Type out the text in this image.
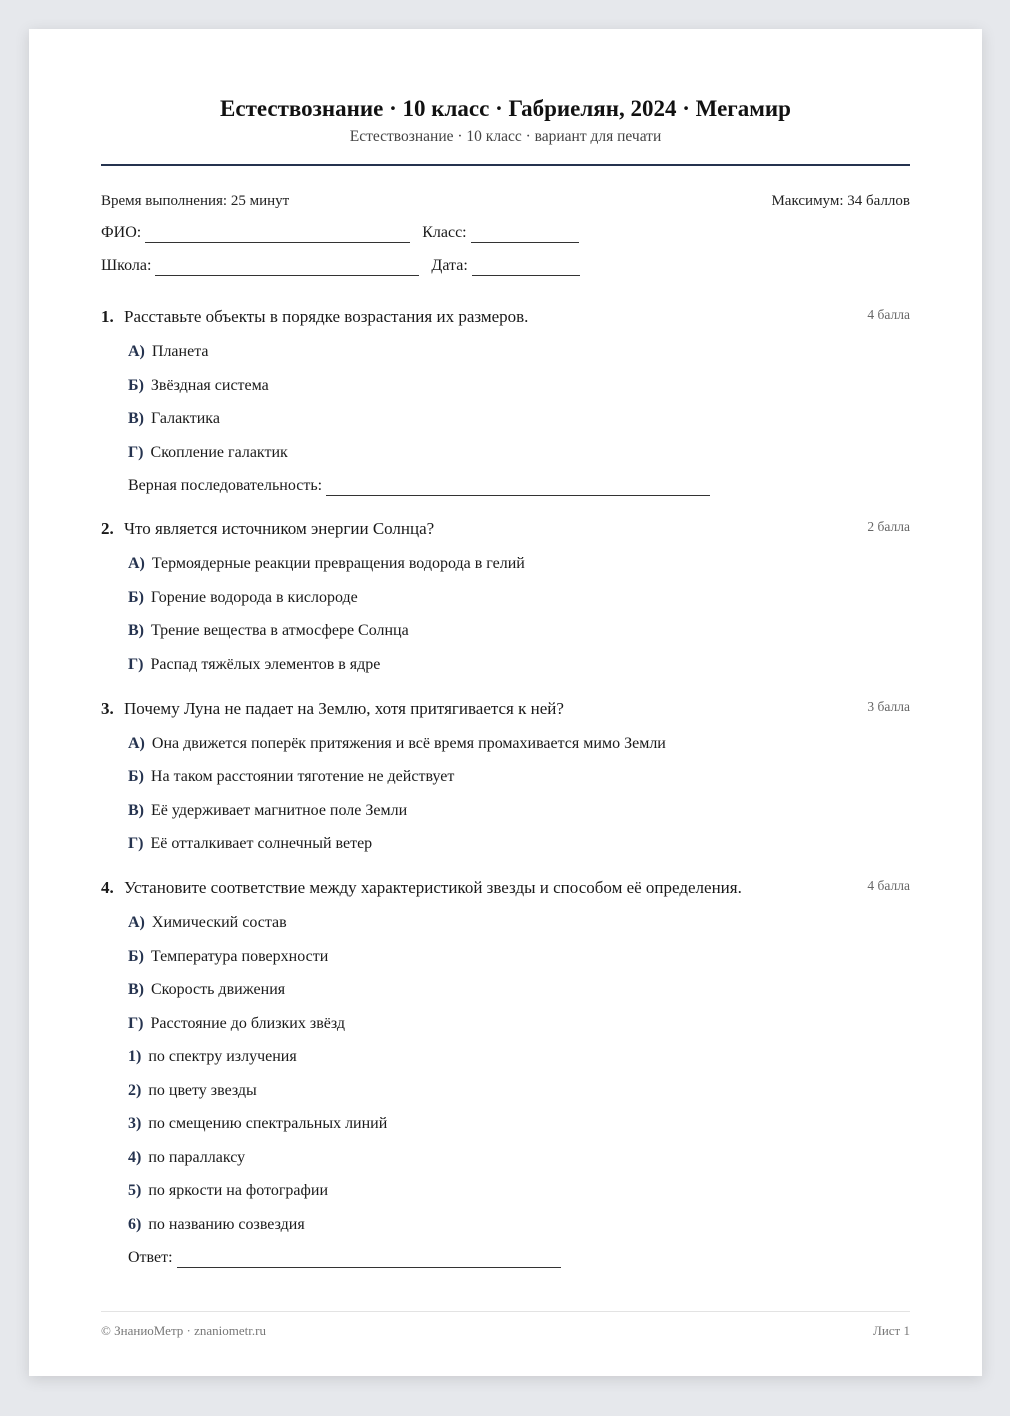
Естествознание · 10 класс · Габриелян, 2024 · Мегамир
Естествознание · 10 класс · вариант для печати
Время выполнения: 25 минут	Максимум: 34 баллов
ФИО:	Класс:
Школа:	Дата:
1. Расставьте объекты в порядке возрастания их размеров.	4 балла
А) Планета
Б) Звёздная система
В) Галактика
Г) Скопление галактик
Верная последовательность:
2. Что является источником энергии Солнца?	2 балла
А) Термоядерные реакции превращения водорода в гелий
Б) Горение водорода в кислороде
В) Трение вещества в атмосфере Солнца
Г) Распад тяжёлых элементов в ядре
3. Почему Луна не падает на Землю, хотя притягивается к ней?	3 балла
А) Она движется поперёк притяжения и всё время промахивается мимо Земли
Б) На таком расстоянии тяготение не действует
В) Её удерживает магнитное поле Земли
Г) Её отталкивает солнечный ветер
4. Установите соответствие между характеристикой звезды и способом её определения.	4 балла
А) Химический состав
Б) Температура поверхности
В) Скорость движения
Г) Расстояние до близких звёзд
1) по спектру излучения
2) по цвету звезды
3) по смещению спектральных линий
4) по параллаксу
5) по яркости на фотографии
6) по названию созвездия
Ответ:
© ЗнаниоМетр · znaniometr.ru	Лист 1
